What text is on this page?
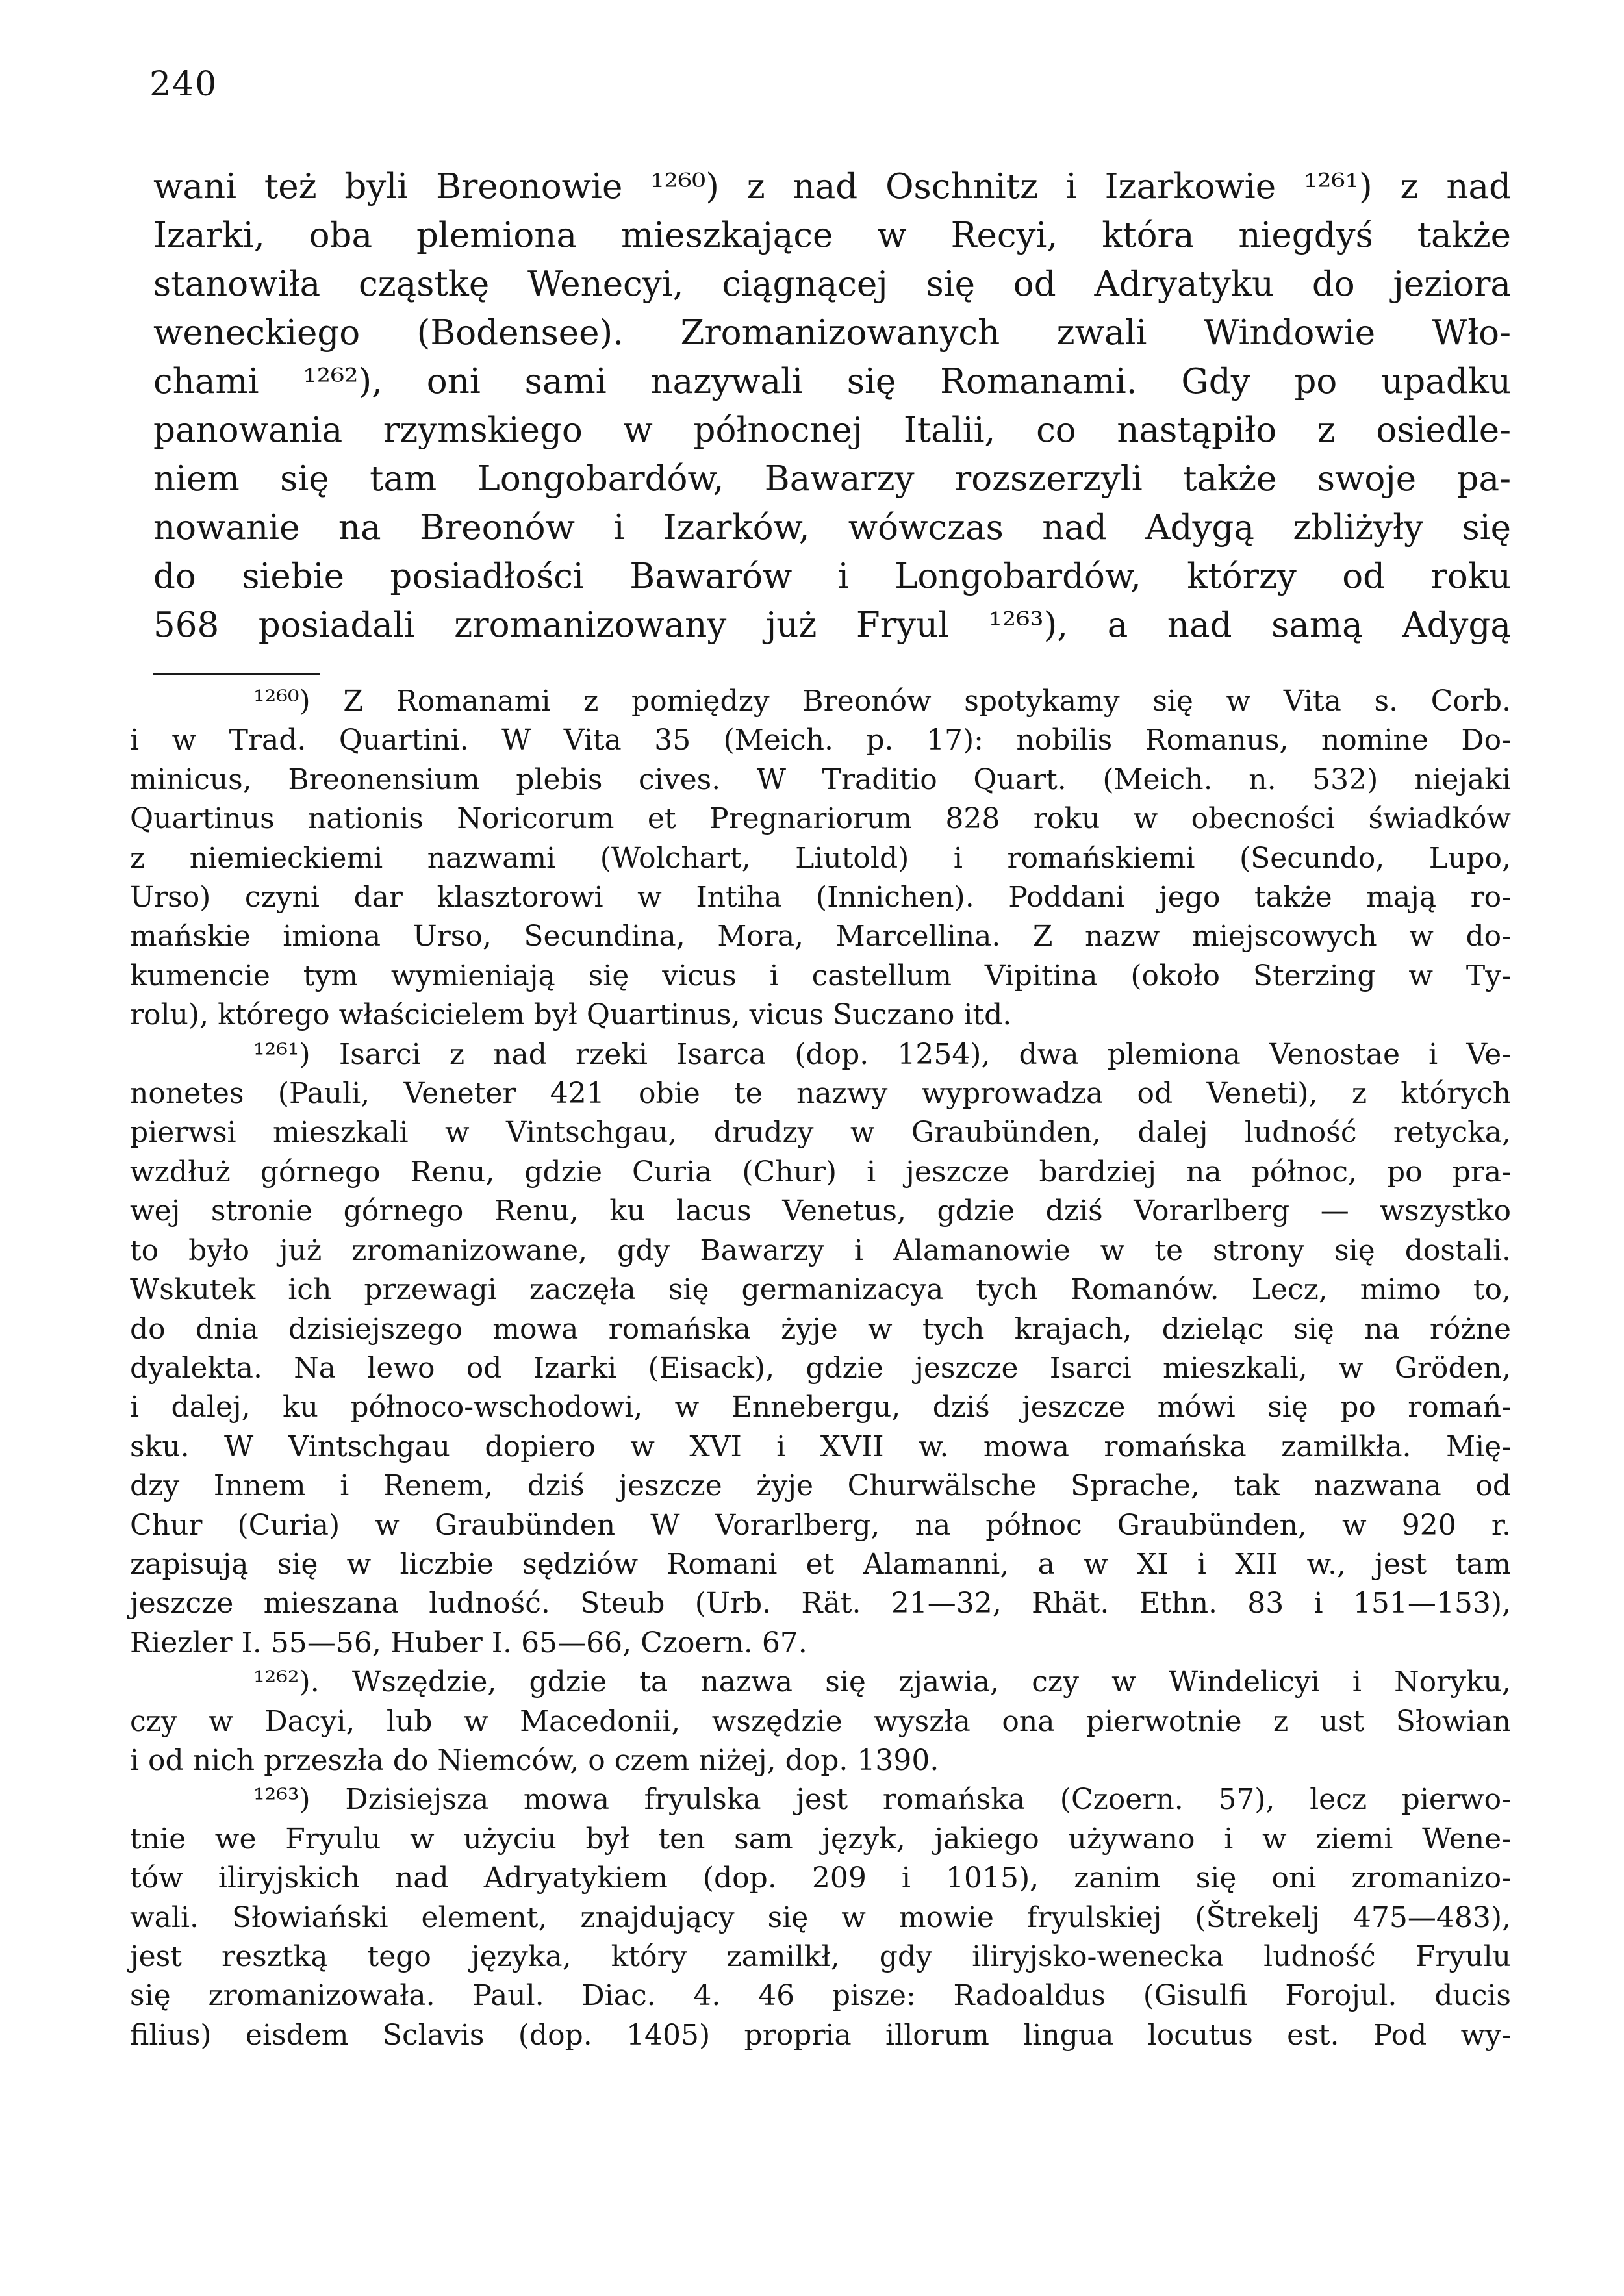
240
wani też byli Breonowie ¹²⁶⁰) z nad Oschnitz i Izarkowie ¹²⁶¹) z nad
Izarki, oba plemiona mieszkające w Recyi, która niegdyś także
stanowiła cząstkę Wenecyi, ciągnącej się od Adryatyku do jeziora
weneckiego (Bodensee). Zromanizowanych zwali Windowie Wło-
chami ¹²⁶²), oni sami nazywali się Romanami. Gdy po upadku
panowania rzymskiego w północnej Italii, co nastąpiło z osiedle-
niem się tam Longobardów, Bawarzy rozszerzyli także swoje pa-
nowanie na Breonów i Izarków, wówczas nad Adygą zbliżyły się
do siebie posiadłości Bawarów i Longobardów, którzy od roku
568 posiadali zromanizowany już Fryul ¹²⁶³), a nad samą Adygą
¹²⁶⁰) Z Romanami z pomiędzy Breonów spotykamy się w Vita s. Corb.
i w Trad. Quartini. W Vita 35 (Meich. p. 17): nobilis Romanus, nomine Do-
minicus, Breonensium plebis cives. W Traditio Quart. (Meich. n. 532) niejaki
Quartinus nationis Noricorum et Pregnariorum 828 roku w obecności świadków
z niemieckiemi nazwami (Wolchart, Liutold) i romańskiemi (Secundo, Lupo,
Urso) czyni dar klasztorowi w Intiha (Innichen). Poddani jego także mają ro-
mańskie imiona Urso, Secundina, Mora, Marcellina. Z nazw miejscowych w do-
kumencie tym wymieniają się vicus i castellum Vipitina (około Sterzing w Ty-
rolu), którego właścicielem był Quartinus, vicus Suczano itd.
¹²⁶¹) Isarci z nad rzeki Isarca (dop. 1254), dwa plemiona Venostae i Ve-
nonetes (Pauli, Veneter 421 obie te nazwy wyprowadza od Veneti), z których
pierwsi mieszkali w Vintschgau, drudzy w Graubünden, dalej ludność retycka,
wzdłuż górnego Renu, gdzie Curia (Chur) i jeszcze bardziej na północ, po pra-
wej stronie górnego Renu, ku lacus Venetus, gdzie dziś Vorarlberg — wszystko
to było już zromanizowane, gdy Bawarzy i Alamanowie w te strony się dostali.
Wskutek ich przewagi zaczęła się germanizacya tych Romanów. Lecz, mimo to,
do dnia dzisiejszego mowa romańska żyje w tych krajach, dzieląc się na różne
dyalekta. Na lewo od Izarki (Eisack), gdzie jeszcze Isarci mieszkali, w Gröden,
i dalej, ku północo-wschodowi, w Ennebergu, dziś jeszcze mówi się po romań-
sku. W Vintschgau dopiero w XVI i XVII w. mowa romańska zamilkła. Mię-
dzy Innem i Renem, dziś jeszcze żyje Churwälsche Sprache, tak nazwana od
Chur (Curia) w Graubünden W Vorarlberg, na północ Graubünden, w 920 r.
zapisują się w liczbie sędziów Romani et Alamanni, a w XI i XII w., jest tam
jeszcze mieszana ludność. Steub (Urb. Rät. 21—32, Rhät. Ethn. 83 i 151—153),
Riezler I. 55—56, Huber I. 65—66, Czoern. 67.
¹²⁶²). Wszędzie, gdzie ta nazwa się zjawia, czy w Windelicyi i Noryku,
czy w Dacyi, lub w Macedonii, wszędzie wyszła ona pierwotnie z ust Słowian
i od nich przeszła do Niemców, o czem niżej, dop. 1390.
¹²⁶³) Dzisiejsza mowa fryulska jest romańska (Czoern. 57), lecz pierwo-
tnie we Fryulu w użyciu był ten sam język, jakiego używano i w ziemi Wene-
tów iliryjskich nad Adryatykiem (dop. 209 i 1015), zanim się oni zromanizo-
wali. Słowiański element, znajdujący się w mowie fryulskiej (Štrekelj 475—483),
jest resztką tego języka, który zamilkł, gdy iliryjsko-wenecka ludność Fryulu
się zromanizowała. Paul. Diac. 4. 46 pisze: Radoaldus (Gisulfi Forojul. ducis
filius) eisdem Sclavis (dop. 1405) propria illorum lingua locutus est. Pod wy-
